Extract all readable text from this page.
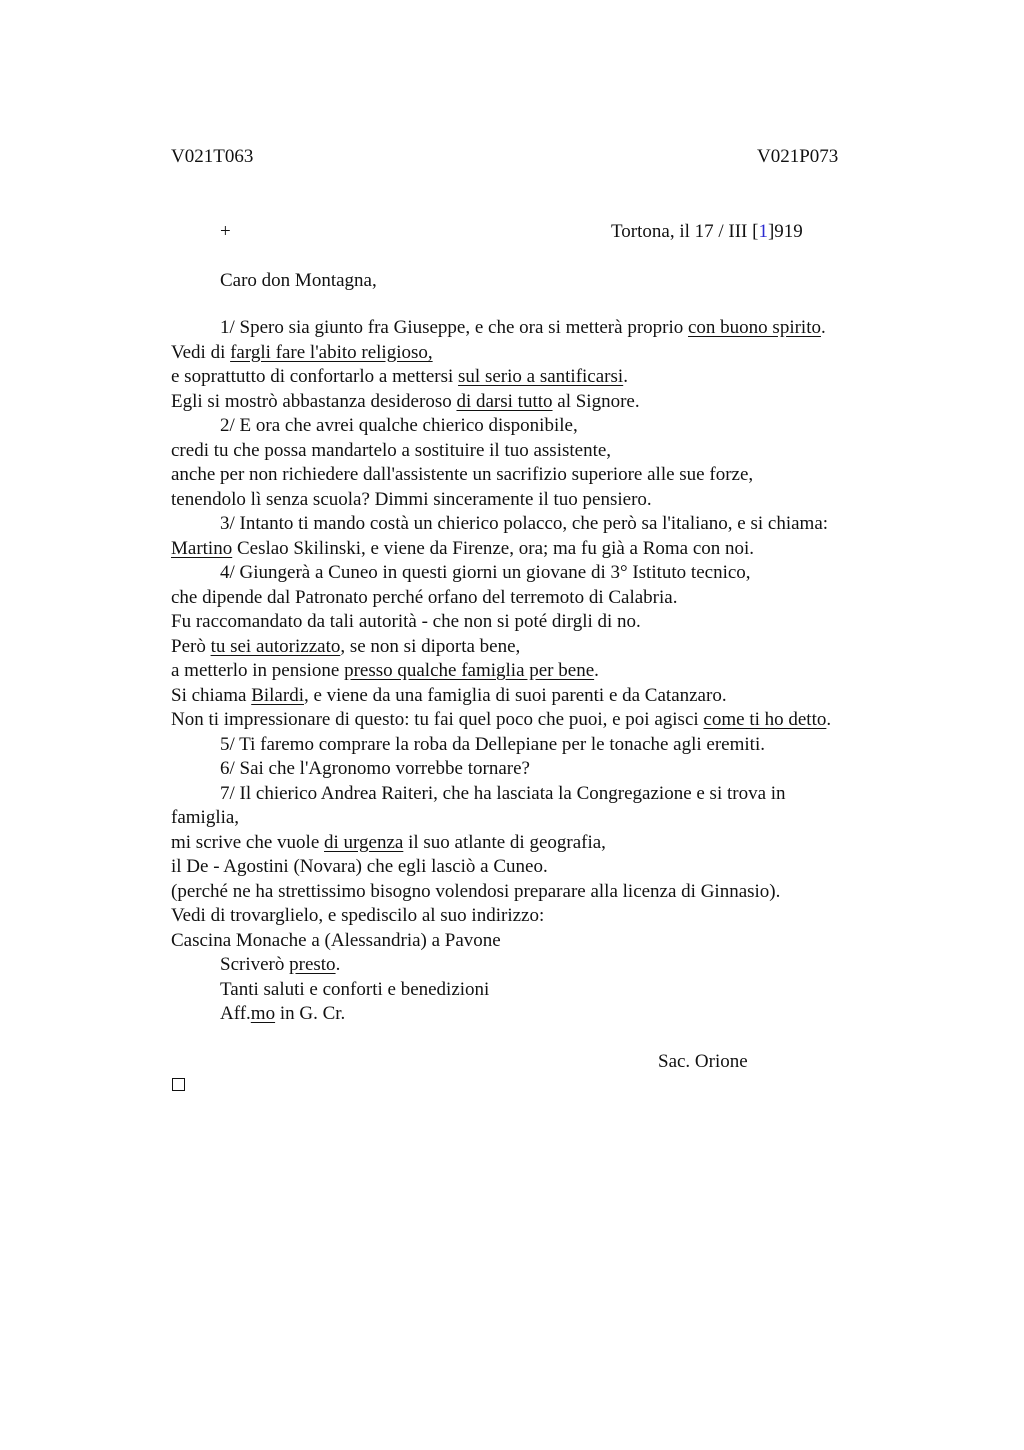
V021T063	V021P073
+	Tortona, il 17 / III [1]919
Caro don Montagna,
1/ Spero sia giunto fra Giuseppe, e che ora si metterà proprio con buono spirito.
Vedi di fargli fare l'abito religioso,
e soprattutto di confortarlo a mettersi sul serio a santificarsi.
Egli si mostrò abbastanza desideroso di darsi tutto al Signore.
2/ E ora che avrei qualche chierico disponibile,
credi tu che possa mandartelo a sostituire il tuo assistente,
anche per non richiedere dall'assistente un sacrifizio superiore alle sue forze,
tenendolo lì senza scuola? Dimmi sinceramente il tuo pensiero.
3/ Intanto ti mando costà un chierico polacco, che però sa l'italiano, e si chiama:
Martino Ceslao Skilinski, e viene da Firenze, ora; ma fu già a Roma con noi.
4/ Giungerà a Cuneo in questi giorni un giovane di 3° Istituto tecnico,
che dipende dal Patronato perché orfano del terremoto di Calabria.
Fu raccomandato da tali autorità - che non si poté dirgli di no.
Però tu sei autorizzato, se non si diporta bene,
a metterlo in pensione presso qualche famiglia per bene.
Si chiama Bilardi, e viene da una famiglia di suoi parenti e da Catanzaro.
Non ti impressionare di questo: tu fai quel poco che puoi, e poi agisci come ti ho detto.
5/ Ti faremo comprare la roba da Dellepiane per le tonache agli eremiti.
6/ Sai che l'Agronomo vorrebbe tornare?
7/ Il chierico Andrea Raiteri, che ha lasciata la Congregazione e si trova in
famiglia,
mi scrive che vuole di urgenza il suo atlante di geografia,
il De - Agostini (Novara) che egli lasciò a Cuneo.
(perché ne ha strettissimo bisogno volendosi preparare alla licenza di Ginnasio).
Vedi di trovarglielo, e spediscilo al suo indirizzo:
Cascina Monache a (Alessandria) a Pavone
Scriverò presto.
Tanti saluti e conforti e benedizioni
Aff.mo in G. Cr.
Sac. Orione
